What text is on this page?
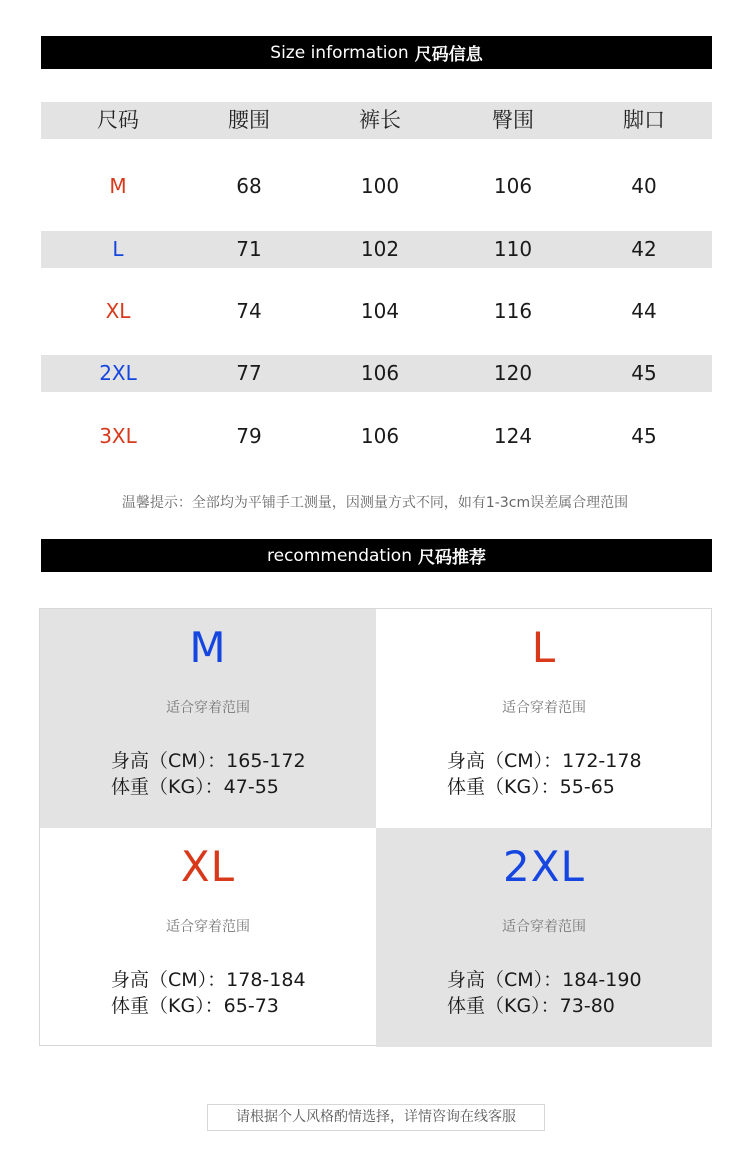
Size information 尺码信息
尺码	腰围	裤长	臀围	脚口
M	68	100	106	40
L	71	102	110	42
XL	74	104	116	44
2XL	77	106	120	45
3XL	79	106	124	45
温馨提示：全部均为平铺手工测量，因测量方式不同，如有1-3cm误差属合理范围
recommendation 尺码推荐
M
适合穿着范围
身高（CM）：165-172
体重（KG）：47-55
L
适合穿着范围
身高（CM）：172-178
体重（KG）：55-65
XL
适合穿着范围
身高（CM）：178-184
体重（KG）：65-73
2XL
适合穿着范围
身高（CM）：184-190
体重（KG）：73-80
请根据个人风格酌情选择，详情咨询在线客服
